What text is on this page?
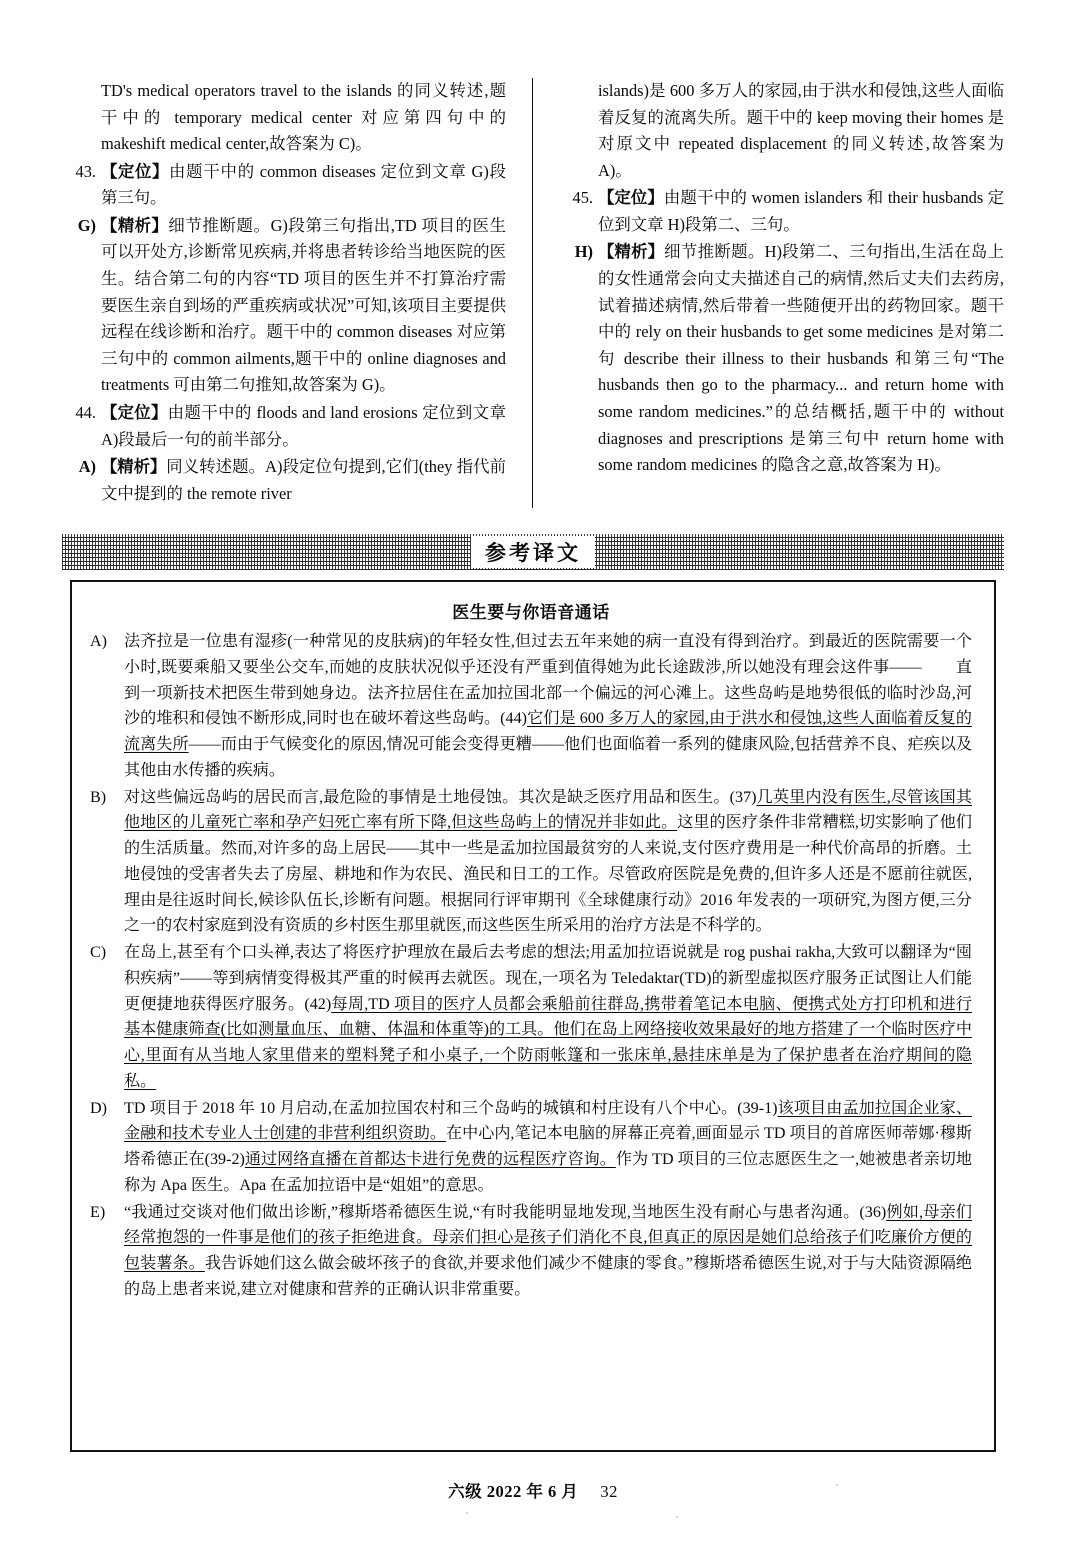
TD's medical operators travel to the islands 的同义转述,题干中的 temporary medical center 对应第四句中的 makeshift medical center,故答案为 C)。
43. 【定位】由题干中的 common diseases 定位到文章 G)段第三句。
G) 【精析】细节推断题。G)段第三句指出,TD 项目的医生可以开处方,诊断常见疾病,并将患者转诊给当地医院的医生。结合第二句的内容“TD 项目的医生并不打算治疗需要医生亲自到场的严重疾病或状况”可知,该项目主要提供远程在线诊断和治疗。题干中的 common diseases 对应第三句中的 common ailments,题干中的 online diagnoses and treatments 可由第二句推知,故答案为 G)。
44. 【定位】由题干中的 floods and land erosions 定位到文章 A)段最后一句的前半部分。
A) 【精析】同义转述题。A)段定位句提到,它们(they 指代前文中提到的 the remote river
islands)是 600 多万人的家园,由于洪水和侵蚀,这些人面临着反复的流离失所。题干中的 keep moving their homes 是对原文中 repeated displacement 的同义转述,故答案为 A)。
45. 【定位】由题干中的 women islanders 和 their husbands 定位到文章 H)段第二、三句。
H) 【精析】细节推断题。H)段第二、三句指出,生活在岛上的女性通常会向丈夫描述自己的病情,然后丈夫们去药房,试着描述病情,然后带着一些随便开出的药物回家。题干中的 rely on their husbands to get some medicines 是对第二句 describe their illness to their husbands 和第三句“The husbands then go to the pharmacy... and return home with some random medicines.”的总结概括,题干中的 without diagnoses and prescriptions 是第三句中 return home with some random medicines 的隐含之意,故答案为 H)。
参考译文
医生要与你语音通话
A)	法齐拉是一位患有湿疹(一种常见的皮肤病)的年轻女性,但过去五年来她的病一直没有得到治疗。到最近的医院需要一个小时,既要乘船又要坐公交车,而她的皮肤状况似乎还没有严重到值得她为此长途跋涉,所以她没有理会这件事—— 直到一项新技术把医生带到她身边。法齐拉居住在孟加拉国北部一个偏远的河心滩上。这些岛屿是地势很低的临时沙岛,河沙的堆积和侵蚀不断形成,同时也在破坏着这些岛屿。(44)它们是 600 多万人的家园,由于洪水和侵蚀,这些人面临着反复的流离失所——而由于气候变化的原因,情况可能会变得更糟——他们也面临着一系列的健康风险,包括营养不良、疟疾以及其他由水传播的疾病。
B)	对这些偏远岛屿的居民而言,最危险的事情是土地侵蚀。其次是缺乏医疗用品和医生。(37)几英里内没有医生,尽管该国其他地区的儿童死亡率和孕产妇死亡率有所下降,但这些岛屿上的情况并非如此。这里的医疗条件非常糟糕,切实影响了他们的生活质量。然而,对许多的岛上居民——其中一些是孟加拉国最贫穷的人来说,支付医疗费用是一种代价高昂的折磨。土地侵蚀的受害者失去了房屋、耕地和作为农民、渔民和日工的工作。尽管政府医院是免费的,但许多人还是不愿前往就医,理由是往返时间长,候诊队伍长,诊断有问题。根据同行评审期刊《全球健康行动》2016 年发表的一项研究,为图方便,三分之一的农村家庭到没有资质的乡村医生那里就医,而这些医生所采用的治疗方法是不科学的。
C)	在岛上,甚至有个口头禅,表达了将医疗护理放在最后去考虑的想法;用孟加拉语说就是 rog pushai rakha,大致可以翻译为“囤积疾病”——等到病情变得极其严重的时候再去就医。现在,一项名为 Teledaktar(TD)的新型虚拟医疗服务正试图让人们能更便捷地获得医疗服务。(42)每周,TD 项目的医疗人员都会乘船前往群岛,携带着笔记本电脑、便携式处方打印机和进行基本健康筛查(比如测量血压、血糖、体温和体重等)的工具。他们在岛上网络接收效果最好的地方搭建了一个临时医疗中心,里面有从当地人家里借来的塑料凳子和小桌子,一个防雨帐篷和一张床单,悬挂床单是为了保护患者在治疗期间的隐私。
D)	TD 项目于 2018 年 10 月启动,在孟加拉国农村和三个岛屿的城镇和村庄设有八个中心。(39-1)该项目由孟加拉国企业家、金融和技术专业人士创建的非营利组织资助。在中心内,笔记本电脑的屏幕正亮着,画面显示 TD 项目的首席医师蒂娜·穆斯塔希德正在(39-2)通过网络直播在首都达卡进行免费的远程医疗咨询。作为 TD 项目的三位志愿医生之一,她被患者亲切地称为 Apa 医生。Apa 在孟加拉语中是“姐姐”的意思。
E)	“我通过交谈对他们做出诊断,”穆斯塔希德医生说,“有时我能明显地发现,当地医生没有耐心与患者沟通。(36)例如,母亲们经常抱怨的一件事是他们的孩子拒绝进食。母亲们担心是孩子们消化不良,但真正的原因是她们总给孩子们吃廉价方便的包装薯条。我告诉她们这么做会破坏孩子的食欲,并要求他们减少不健康的零食。”穆斯塔希德医生说,对于与大陆资源隔绝的岛上患者来说,建立对健康和营养的正确认识非常重要。
六级 2022 年 6 月 32
